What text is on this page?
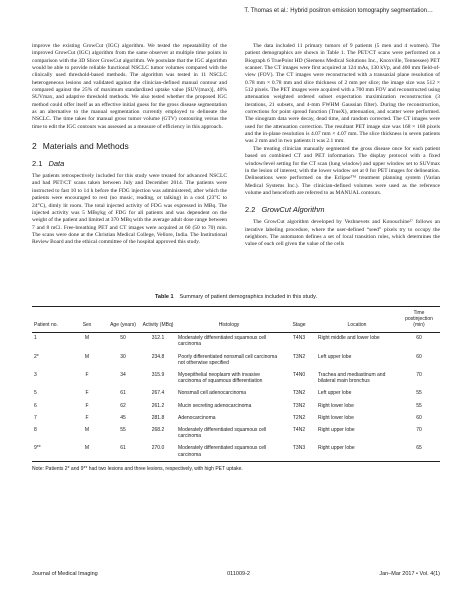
T. Thomas et al.: Hybrid positron emission tomography segmentation…

improve the existing GrowCut (IGC) algorithm. We tested the repeatability of the improved GrowCut (IGC) algorithm from the same observer at multiple time points in comparison with the 3D Slicer GrowCut algorithm. We postulate that the IGC algorithm would be able to provide reliable functional NSCLC tumor volumes compared with the clinically used threshold-based methods. The algorithm was tested in 11 NSCLC heterogeneous lesions and validated against the clinician-defined manual contour and compared against the 25% of maximum standardized uptake value [SUV(max)], 40% SUVmax, and adaptive threshold methods. We also tested whether the proposed IGC method could offer itself as an effective initial guess for the gross disease segmentation as an alternative to the manual segmentation currently employed to delineate the NSCLC. The time takes for manual gross tumor volume (GTV) contouring versus the time to edit the IGC contours was assessed as a measure of efficiency in this approach.

2 Materials and Methods
2.1 Data

The patients retrospectively included for this study were treated for advanced NSCLC and had PET/CT scans taken between July and December 2014. The patients were instructed to fast 10 to 14 h before the FDG injection was administered, after which the patients were encouraged to rest (no music, reading, or talking) in a cool (23°C to 24°C), dimly lit room. The total injected activity of FDG was expressed in MBq. The injected activity was 5 MBq/kg of FDG for all patients and was dependent on the weight of the patient and limited at 370 MBq with the average adult dose range between 7 and 8 mCi. Free-breathing PET and CT images were acquired at 60 (50 to 70) min. The scans were done at the Christian Medical College, Vellore, India. The Institutional Review Board and the ethical committee of the hospital approved this study.

The data included 11 primary tumors of 9 patients (5 men and 4 women). The patient demographics are shown in Table 1. The PET/CT scans were performed on a Biograph 6 TruePoint HD (Siemens Medical Solutions Inc., Knoxville, Tennessee) PET scanner. The CT images were first acquired at 124 mAs, 130 kVp, and 400 mm field-of-view (FOV). The CT images were reconstructed with a transaxial plane resolution of 0.78 mm × 0.78 mm and slice thickness of 2 mm per slice; the image size was 512 × 512 pixels. The PET images were acquired with a 700 mm FOV and reconstructed using attenuation weighted ordered subset expectation maximization reconstruction (3 iterations, 21 subsets, and 4-mm FWHM Gaussian filter). During the reconstruction, corrections for point spread function (TrueX), attenuation, and scatter were performed. The sinogram data were decay, dead time, and random corrected. The CT images were used for the attenuation correction. The resultant PET image size was 168 × 168 pixels and the in-plane resolution is 4.07 mm × 4.07 mm. The slice thickness in seven patients was 2 mm and in two patients it was 2.1 mm.

The treating clinician manually segmented the gross disease once for each patient based on combined CT and PET information. The display protocol with a fixed window/level setting for the CT scan (lung window) and upper window set to SUVmax in the lesion of interest, with the lower window set at 0 for PET images for delineation. Delineations were performed on the Eclipse™ treatment planning system (Varian Medical Systems Inc.). The clinician-defined volumes were used as the reference volume and henceforth are referred to as MANUAL contours.

2.2 GrowCut Algorithm

The GrowCut algorithm developed by Vezhnevets and Konouchine²⁷ follows an iterative labeling procedure, where the user-defined “seed” pixels try to occupy the neighbors. The automaton defines a set of local transition rules, which determines the value of each cell given the value of the cells

Table 1 Summary of patient demographics included in this study.
Patient no.	Sex	Age (years)	Activity (MBq)	Histology	Stage	Location	Time postinjection (min)
1	M	50	312.1	Moderately differentiated squamous cell carcinoma	T4N3	Right middle and lower lobe	60
2*	M	30	234.8	Poorly differentiated nonsmall cell carcinoma not otherwise specified	T3N2	Left upper lobe	60
3	F	34	315.9	Myoepithelial neoplasm with invasive carcinoma of squamous differentiation	T4N0	Trachea and mediastinum and bilateral main bronchus	70
5	F	61	267.4	Nonsmall cell adenocarcinoma	T3N2	Left upper lobe	55
6	F	62	261.2	Mucin secreting adenocarcinoma	T3N2	Right lower lobe	55
7	F	45	281.8	Adenocarcinoma	T2N2	Right lower lobe	60
8	M	55	268.2	Moderately differentiated squamous cell carcinoma	T4N2	Right upper lobe	70
9**	M	61	270.0	Moderately differentiated squamous cell carcinoma	T3N3	Right upper lobe	65
Note: Patients 2* and 9** had two lesions and three lesions, respectively, with high PET uptake.
Journal of Medical Imaging	011009-2	Jan–Mar 2017 • Vol. 4(1)
